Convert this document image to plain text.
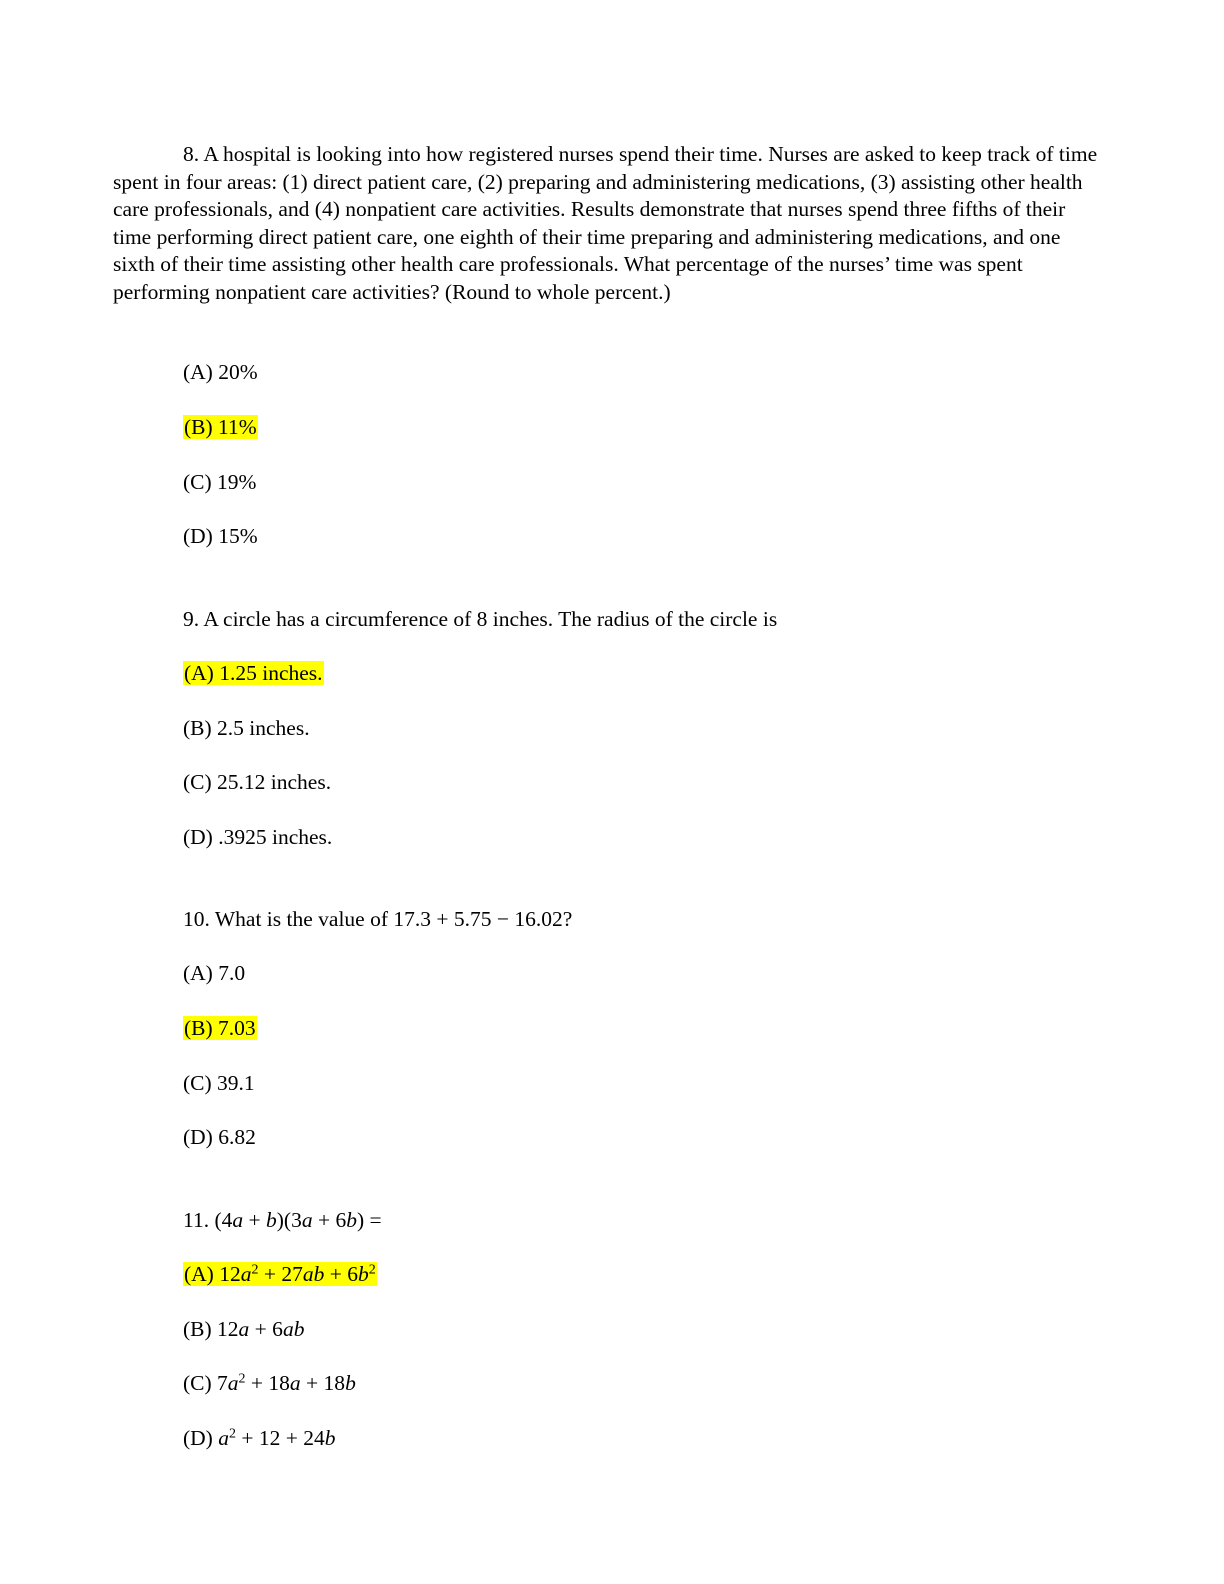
8. A hospital is looking into how registered nurses spend their time. Nurses are asked to keep track of time spent in four areas: (1) direct patient care, (2) preparing and administering medications, (3) assisting other health care professionals, and (4) nonpatient care activities. Results demonstrate that nurses spend three fifths of their time performing direct patient care, one eighth of their time preparing and administering medications, and one sixth of their time assisting other health care professionals. What percentage of the nurses’ time was spent performing nonpatient care activities? (Round to whole percent.)

(A) 20%

(B) 11%

(C) 19%

(D) 15%

9. A circle has a circumference of 8 inches. The radius of the circle is

(A) 1.25 inches.

(B) 2.5 inches.

(C) 25.12 inches.

(D) .3925 inches.

10. What is the value of 17.3 + 5.75 − 16.02?

(A) 7.0

(B) 7.03

(C) 39.1

(D) 6.82

11. (4a + b)(3a + 6b) =

(A) $12a^2 + 27ab + 6b^2$

(B) 12a + 6ab

(C) $7a^2 + 18a + 18b$

(D) $a^2 + 12 + 24b$
